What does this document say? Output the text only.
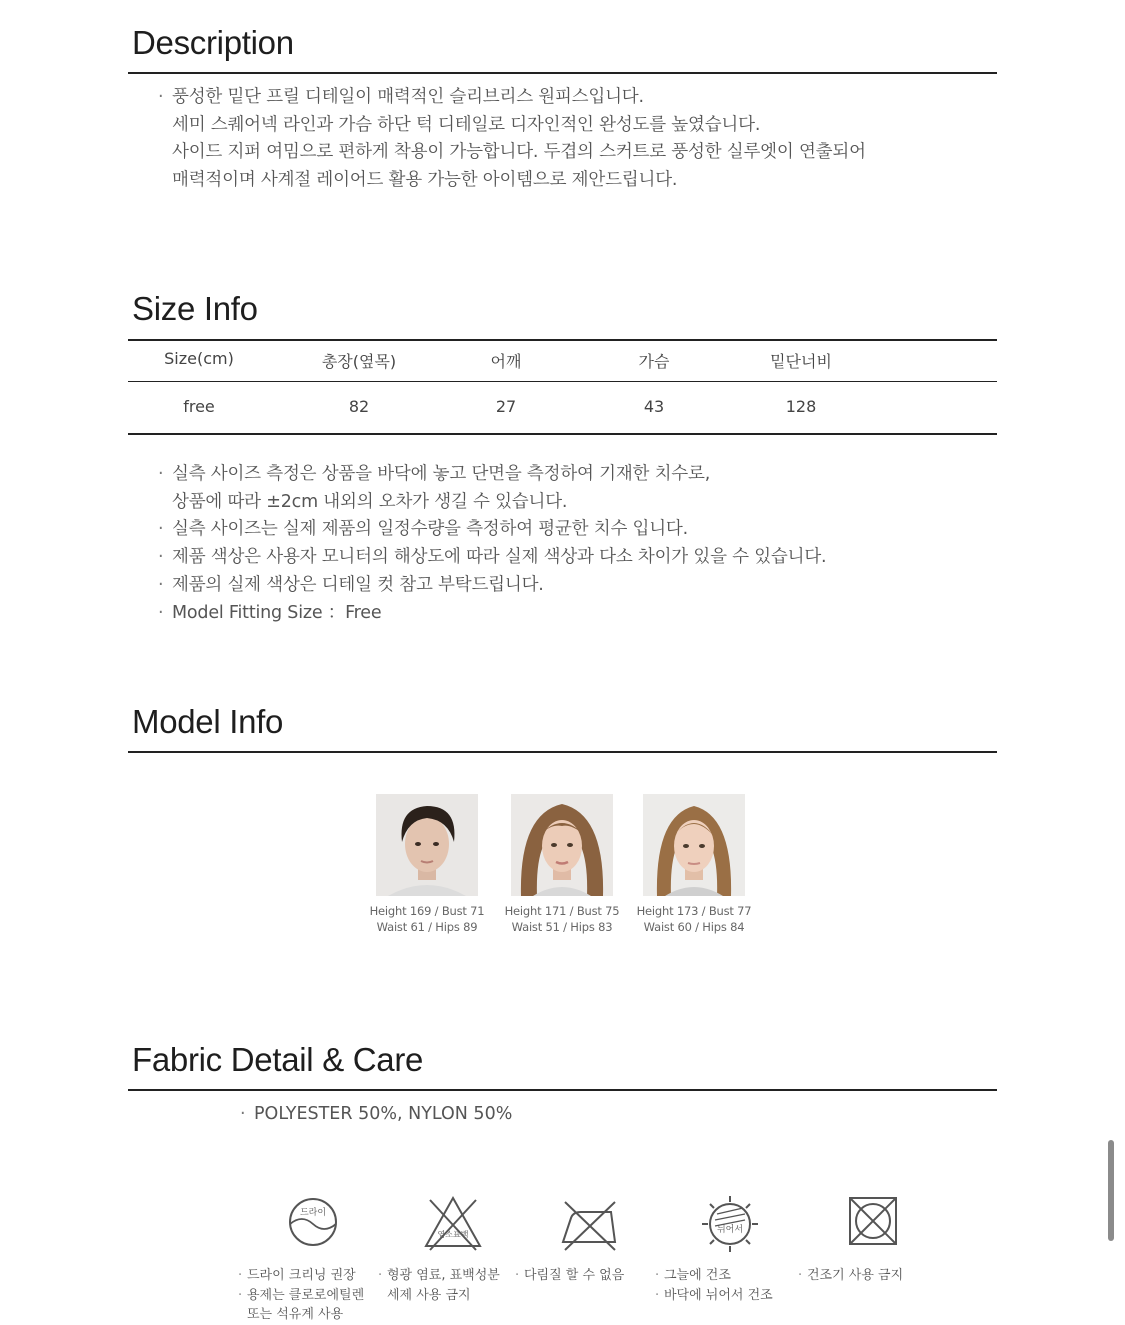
Description
· 풍성한 밑단 프릴 디테일이 매력적인 슬리브리스 원피스입니다.
세미 스퀘어넥 라인과 가슴 하단 턱 디테일로 디자인적인 완성도를 높였습니다.
사이드 지퍼 여밈으로 편하게 착용이 가능합니다. 두겹의 스커트로 풍성한 실루엣이 연출되어
매력적이며 사계절 레이어드 활용 가능한 아이템으로 제안드립니다.
Size Info
Size(cm)	총장(옆목)	어깨	가슴	밑단너비
free	82	27	43	128
· 실측 사이즈 측정은 상품을 바닥에 놓고 단면을 측정하여 기재한 치수로,
상품에 따라 ±2cm 내외의 오차가 생길 수 있습니다.
· 실측 사이즈는 실제 제품의 일정수량을 측정하여 평균한 치수 입니다.
· 제품 색상은 사용자 모니터의 해상도에 따라 실제 색상과 다소 차이가 있을 수 있습니다.
· 제품의 실제 색상은 디테일 컷 참고 부탁드립니다.
· Model Fitting Size ：Free
Model Info
Height 169 / Bust 71
Waist 61 / Hips 89
Height 171 / Bust 75
Waist 51 / Hips 83
Height 173 / Bust 77
Waist 60 / Hips 84
Fabric Detail & Care
· POLYESTER 50%, NYLON 50%
드라이
· 드라이 크리닝 권장
· 용제는 클로로에틸렌
또는 석유계 사용
염소표백
· 형광 염료, 표백성분
세제 사용 금지
· 다림질 할 수 없음
뉘어서
· 그늘에 건조
· 바닥에 뉘어서 건조
· 건조기 사용 금지
